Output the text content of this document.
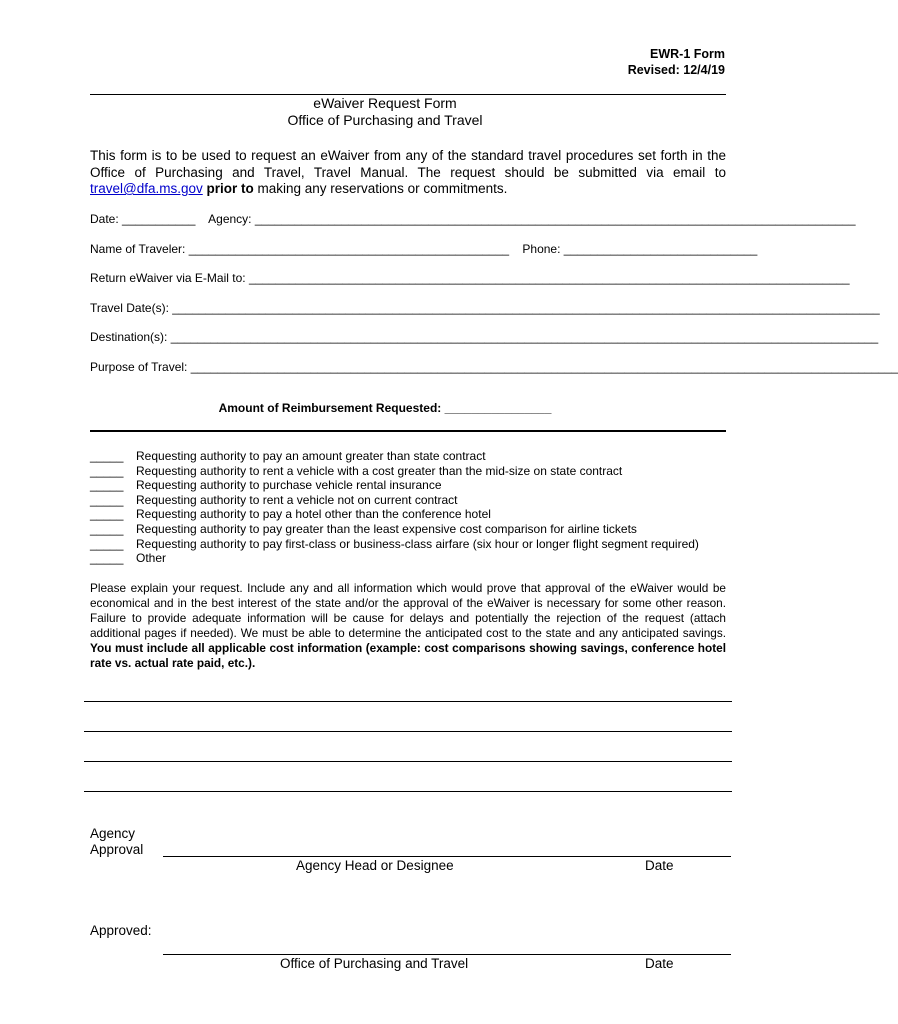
EWR-1 Form
Revised: 12/4/19
eWaiver Request Form
Office of Purchasing and Travel
This form is to be used to request an eWaiver from any of the standard travel procedures set forth in the Office of Purchasing and Travel, Travel Manual. The request should be submitted via email to travel@dfa.ms.gov prior to making any reservations or commitments.
Date: ___________ Agency: __________________________________________________________________________________________
Name of Traveler: ________________________________________________ Phone: _____________________________
Return eWaiver via E-Mail to: __________________________________________________________________________________________
Travel Date(s): __________________________________________________________________________________________________________
Destination(s): __________________________________________________________________________________________________________
Purpose of Travel: __________________________________________________________________________________________________________
Amount of Reimbursement Requested: ________________
_____	Requesting authority to pay an amount greater than state contract
_____	Requesting authority to rent a vehicle with a cost greater than the mid-size on state contract
_____	Requesting authority to purchase vehicle rental insurance
_____	Requesting authority to rent a vehicle not on current contract
_____	Requesting authority to pay a hotel other than the conference hotel
_____	Requesting authority to pay greater than the least expensive cost comparison for airline tickets
_____	Requesting authority to pay first-class or business-class airfare (six hour or longer flight segment required)
_____	Other
Please explain your request. Include any and all information which would prove that approval of the eWaiver would be economical and in the best interest of the state and/or the approval of the eWaiver is necessary for some other reason. Failure to provide adequate information will be cause for delays and potentially the rejection of the request (attach additional pages if needed). We must be able to determine the anticipated cost to the state and any anticipated savings. You must include all applicable cost information (example: cost comparisons showing savings, conference hotel rate vs. actual rate paid, etc.).
Agency
Approval
Agency Head or Designee	Date
Approved:
Office of Purchasing and Travel	Date
